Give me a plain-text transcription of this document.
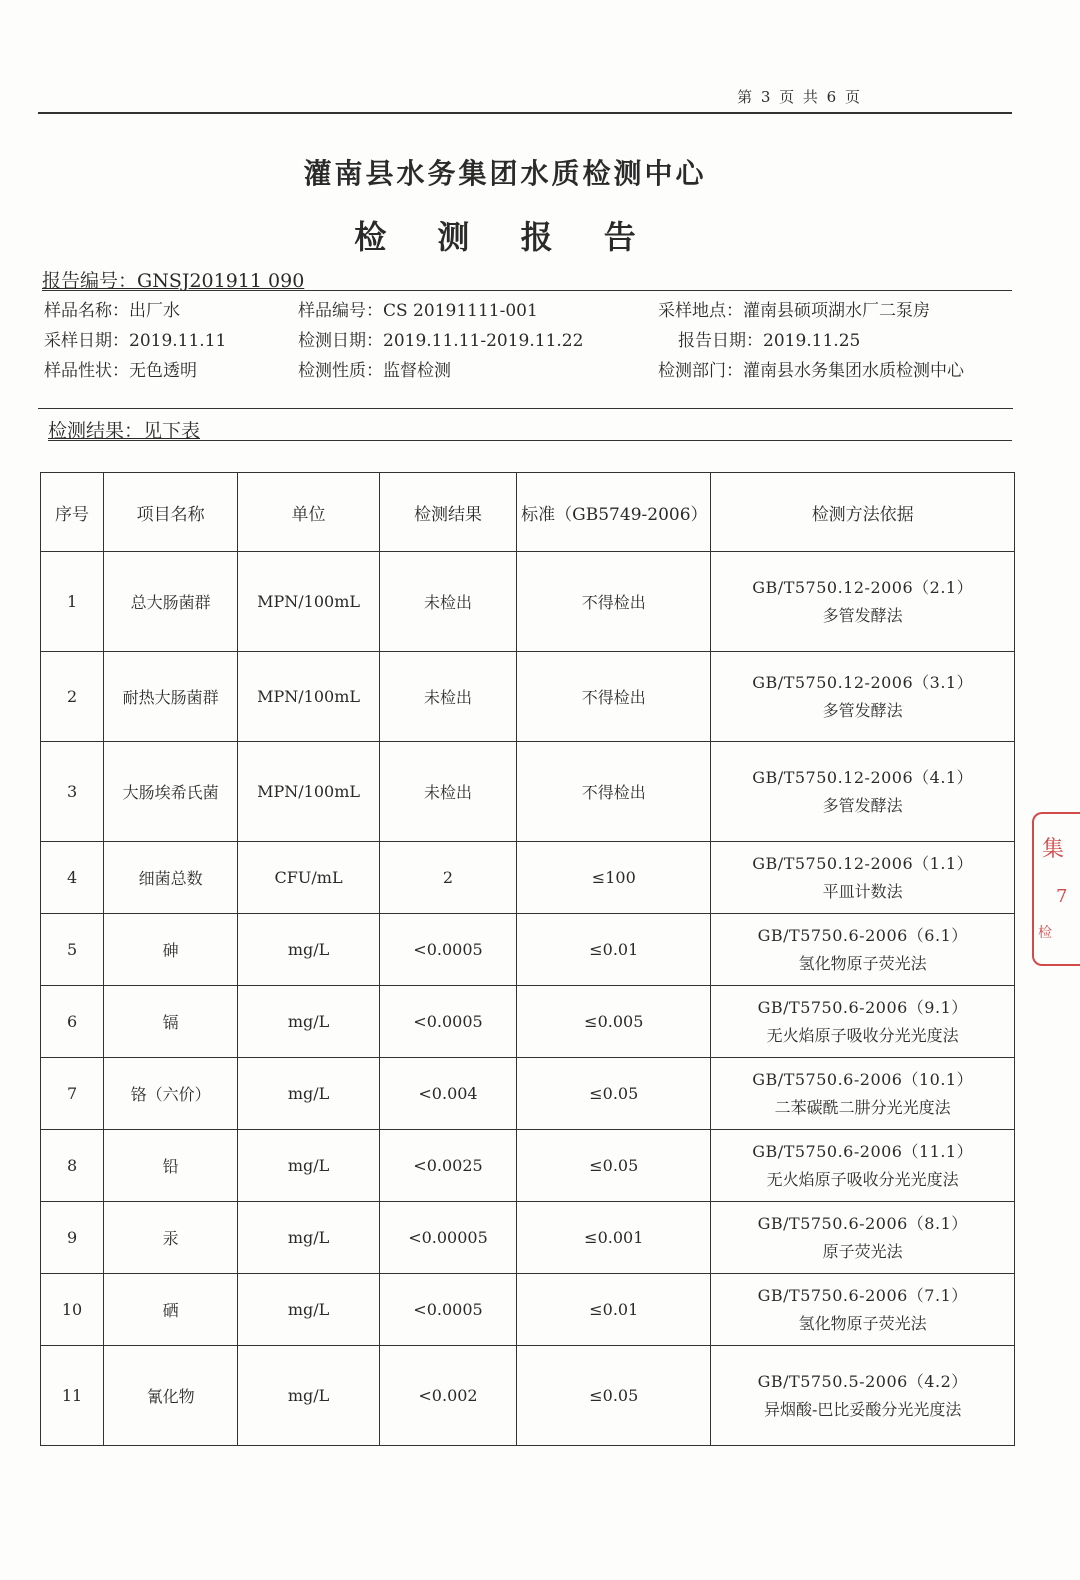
第 3 页 共 6 页
灌南县水务集团水质检测中心
检 测 报 告
报告编号：GNSJ201911 090
样品名称：出厂水	样品编号：CS 20191111-001	采样地点：灌南县硕项湖水厂二泵房
采样日期：2019.11.11	检测日期：2019.11.11-2019.11.22	报告日期：2019.11.25
样品性状：无色透明	检测性质：监督检测	检测部门：灌南县水务集团水质检测中心
检测结果：见下表
序号	项目名称	单位	检测结果	标准（GB5749-2006）	检测方法依据
1	总大肠菌群	MPN/100mL	未检出	不得检出	GB/T5750.12-2006（2.1）
多管发酵法

2	耐热大肠菌群	MPN/100mL	未检出	不得检出	GB/T5750.12-2006（3.1）
多管发酵法

3	大肠埃希氏菌	MPN/100mL	未检出	不得检出	GB/T5750.12-2006（4.1）
多管发酵法

4	细菌总数	CFU/mL	2	≤100	GB/T5750.12-2006（1.1）
平皿计数法

5	砷	mg/L	<0.0005	≤0.01	GB/T5750.6-2006（6.1）
氢化物原子荧光法

6	镉	mg/L	<0.0005	≤0.005	GB/T5750.6-2006（9.1）
无火焰原子吸收分光光度法

7	铬（六价）	mg/L	<0.004	≤0.05	GB/T5750.6-2006（10.1）
二苯碳酰二肼分光光度法

8	铅	mg/L	<0.0025	≤0.05	GB/T5750.6-2006（11.1）
无火焰原子吸收分光光度法

9	汞	mg/L	<0.00005	≤0.001	GB/T5750.6-2006（8.1）
原子荧光法

10	硒	mg/L	<0.0005	≤0.01	GB/T5750.6-2006（7.1）
氢化物原子荧光法

11	氰化物	mg/L	<0.002	≤0.05	GB/T5750.5-2006（4.2）
异烟酸-巴比妥酸分光光度法
集
7
检
